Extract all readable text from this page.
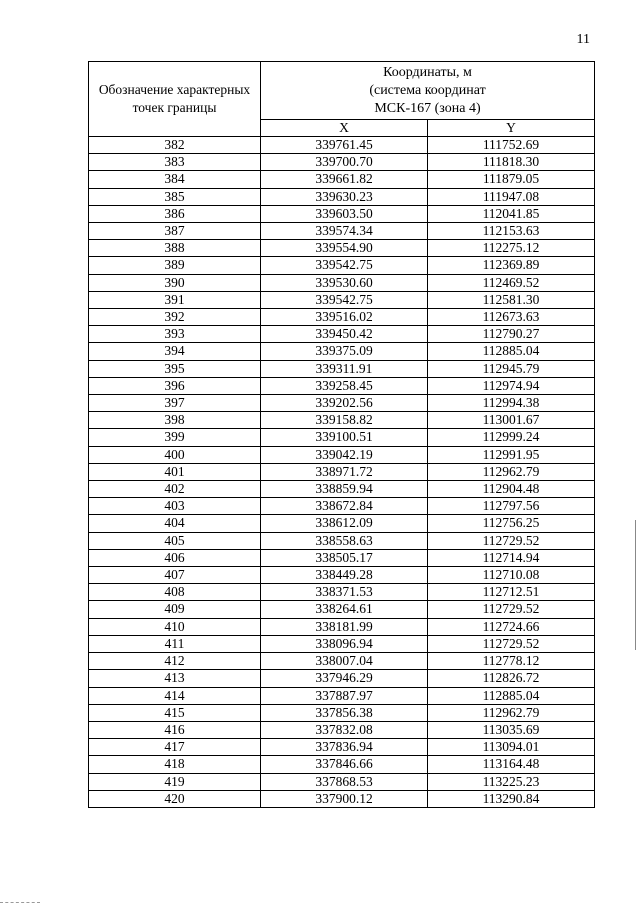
11
Обозначение характерных точек границы	Координаты, м
(система координат
МСК-167 (зона 4)	

	X	Y
382	339761.45	111752.69
383	339700.70	111818.30
384	339661.82	111879.05
385	339630.23	111947.08
386	339603.50	112041.85
387	339574.34	112153.63
388	339554.90	112275.12
389	339542.75	112369.89
390	339530.60	112469.52
391	339542.75	112581.30
392	339516.02	112673.63
393	339450.42	112790.27
394	339375.09	112885.04
395	339311.91	112945.79
396	339258.45	112974.94
397	339202.56	112994.38
398	339158.82	113001.67
399	339100.51	112999.24
400	339042.19	112991.95
401	338971.72	112962.79
402	338859.94	112904.48
403	338672.84	112797.56
404	338612.09	112756.25
405	338558.63	112729.52
406	338505.17	112714.94
407	338449.28	112710.08
408	338371.53	112712.51
409	338264.61	112729.52
410	338181.99	112724.66
411	338096.94	112729.52
412	338007.04	112778.12
413	337946.29	112826.72
414	337887.97	112885.04
415	337856.38	112962.79
416	337832.08	113035.69
417	337836.94	113094.01
418	337846.66	113164.48
419	337868.53	113225.23
420	337900.12	113290.84
